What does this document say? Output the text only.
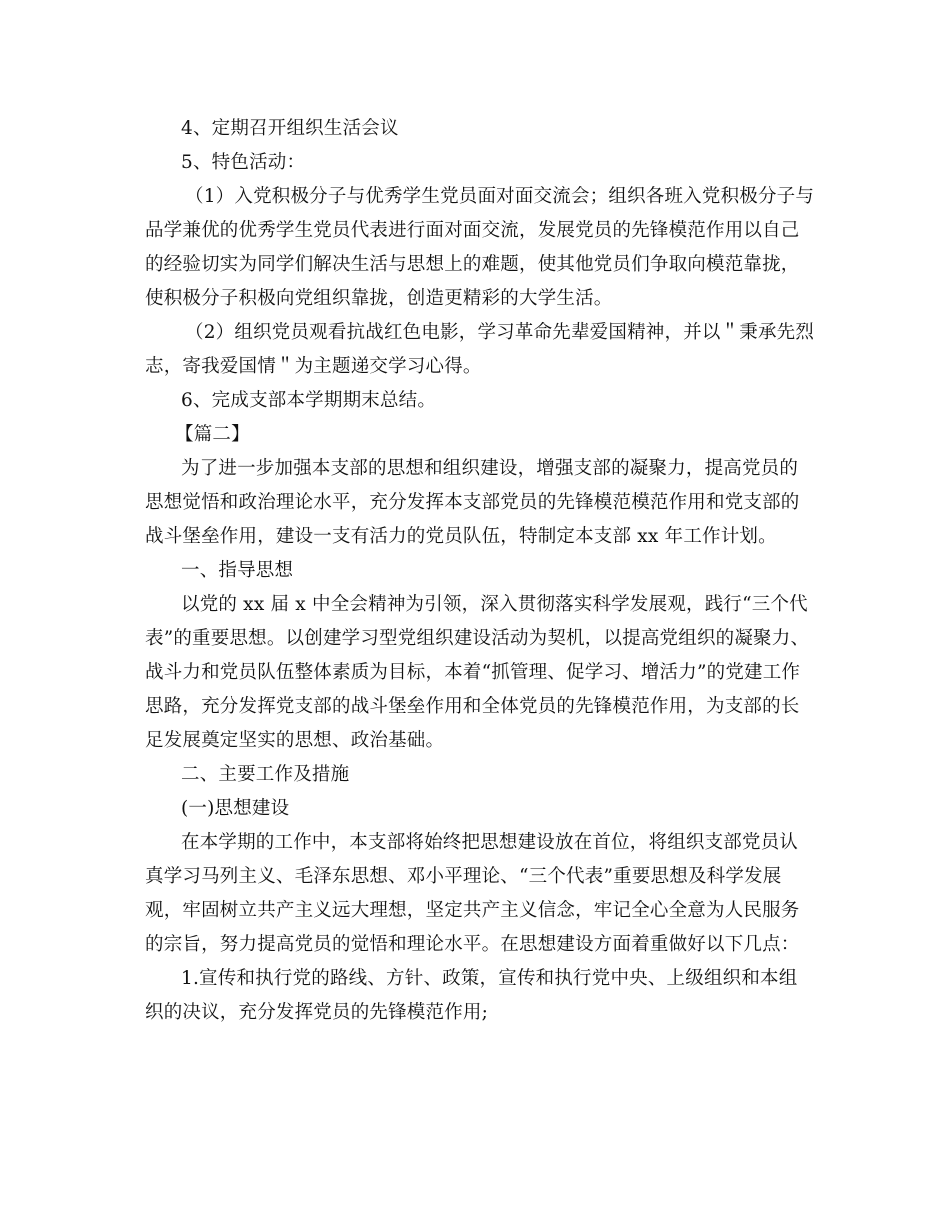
4、定期召开组织生活会议
5、特色活动：
（1）入党积极分子与优秀学生党员面对面交流会；组织各班入党积极分子与
品学兼优的优秀学生党员代表进行面对面交流，发展党员的先锋模范作用以自己
的经验切实为同学们解决生活与思想上的难题，使其他党员们争取向模范靠拢，
使积极分子积极向党组织靠拢，创造更精彩的大学生活。
（2）组织党员观看抗战红色电影，学习革命先辈爱国精神，并以＂秉承先烈
志，寄我爱国情＂为主题递交学习心得。
6、完成支部本学期期末总结。
【篇二】
为了进一步加强本支部的思想和组织建设，增强支部的凝聚力，提高党员的
思想觉悟和政治理论水平，充分发挥本支部党员的先锋模范模范作用和党支部的
战斗堡垒作用，建设一支有活力的党员队伍，特制定本支部 xx 年工作计划。
一、指导思想
以党的 xx 届 x 中全会精神为引领，深入贯彻落实科学发展观，践行“三个代
表”的重要思想。以创建学习型党组织建设活动为契机，以提高党组织的凝聚力、
战斗力和党员队伍整体素质为目标，本着“抓管理、促学习、增活力”的党建工作
思路，充分发挥党支部的战斗堡垒作用和全体党员的先锋模范作用，为支部的长
足发展奠定坚实的思想、政治基础。
二、主要工作及措施
(一)思想建设
在本学期的工作中，本支部将始终把思想建设放在首位，将组织支部党员认
真学习马列主义、毛泽东思想、邓小平理论、“三个代表”重要思想及科学发展
观，牢固树立共产主义远大理想，坚定共产主义信念，牢记全心全意为人民服务
的宗旨，努力提高党员的觉悟和理论水平。在思想建设方面着重做好以下几点：
1.宣传和执行党的路线、方针、政策，宣传和执行党中央、上级组织和本组
织的决议，充分发挥党员的先锋模范作用;
